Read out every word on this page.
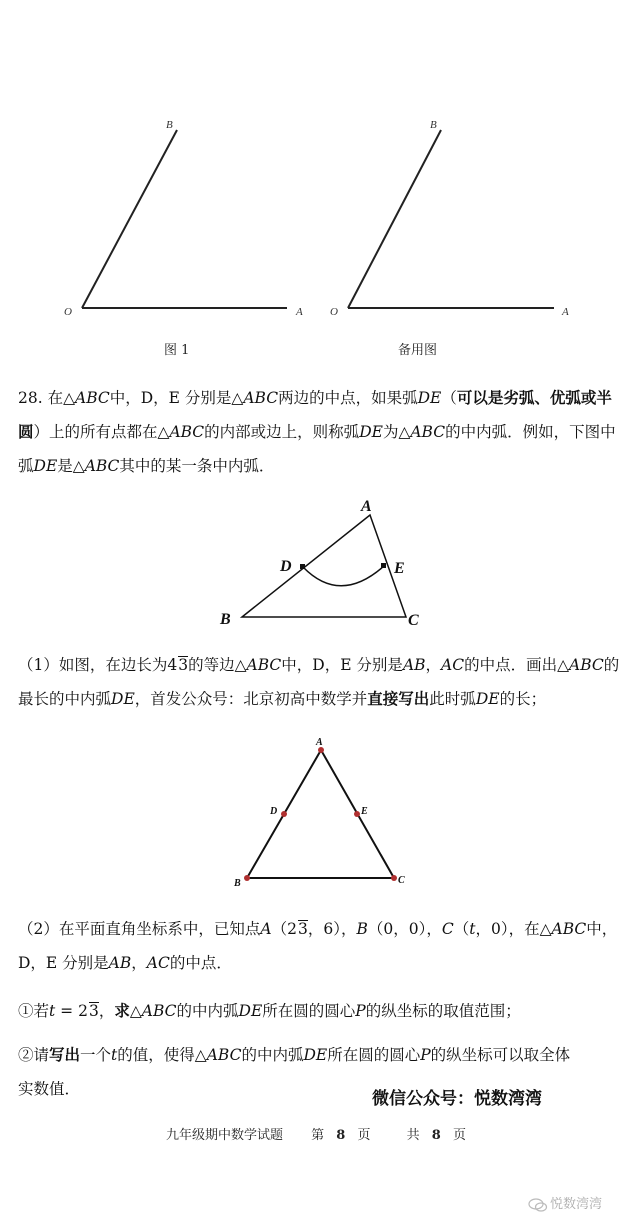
B
O	A
图 1
B
O	A
备用图

28. 在△ABC中，D，E 分别是△ABC两边的中点，如果弧DE（可以是劣弧、优弧或半圆）上的所有点都在△ABC的内部或边上，则称弧DE为△ABC的中内弧．例如，下图中弧DE是△ABC其中的某一条中内弧．

A
B	C
D	E

（1）如图，在边长为43的等边△ABC中，D，E 分别是AB，AC的中点．画出△ABC的最长的中内弧DE，首发公众号：北京初高中数学并直接写出此时弧DE的长；

A
B	C
D	E

（2）在平面直角坐标系中，已知点A（23，6），B（0，0），C（t，0），在△ABC中，D，E 分别是AB，AC的中点．

①若t = 23，求△ABC的中内弧DE所在圆的圆心P的纵坐标的取值范围；

②请写出一个t的值，使得△ABC的中内弧DE所在圆的圆心P的纵坐标可以取全体实数值．	微信公众号：悦数湾湾
九年级期中数学试题 第 8 页	共 8 页
悦数湾湾
